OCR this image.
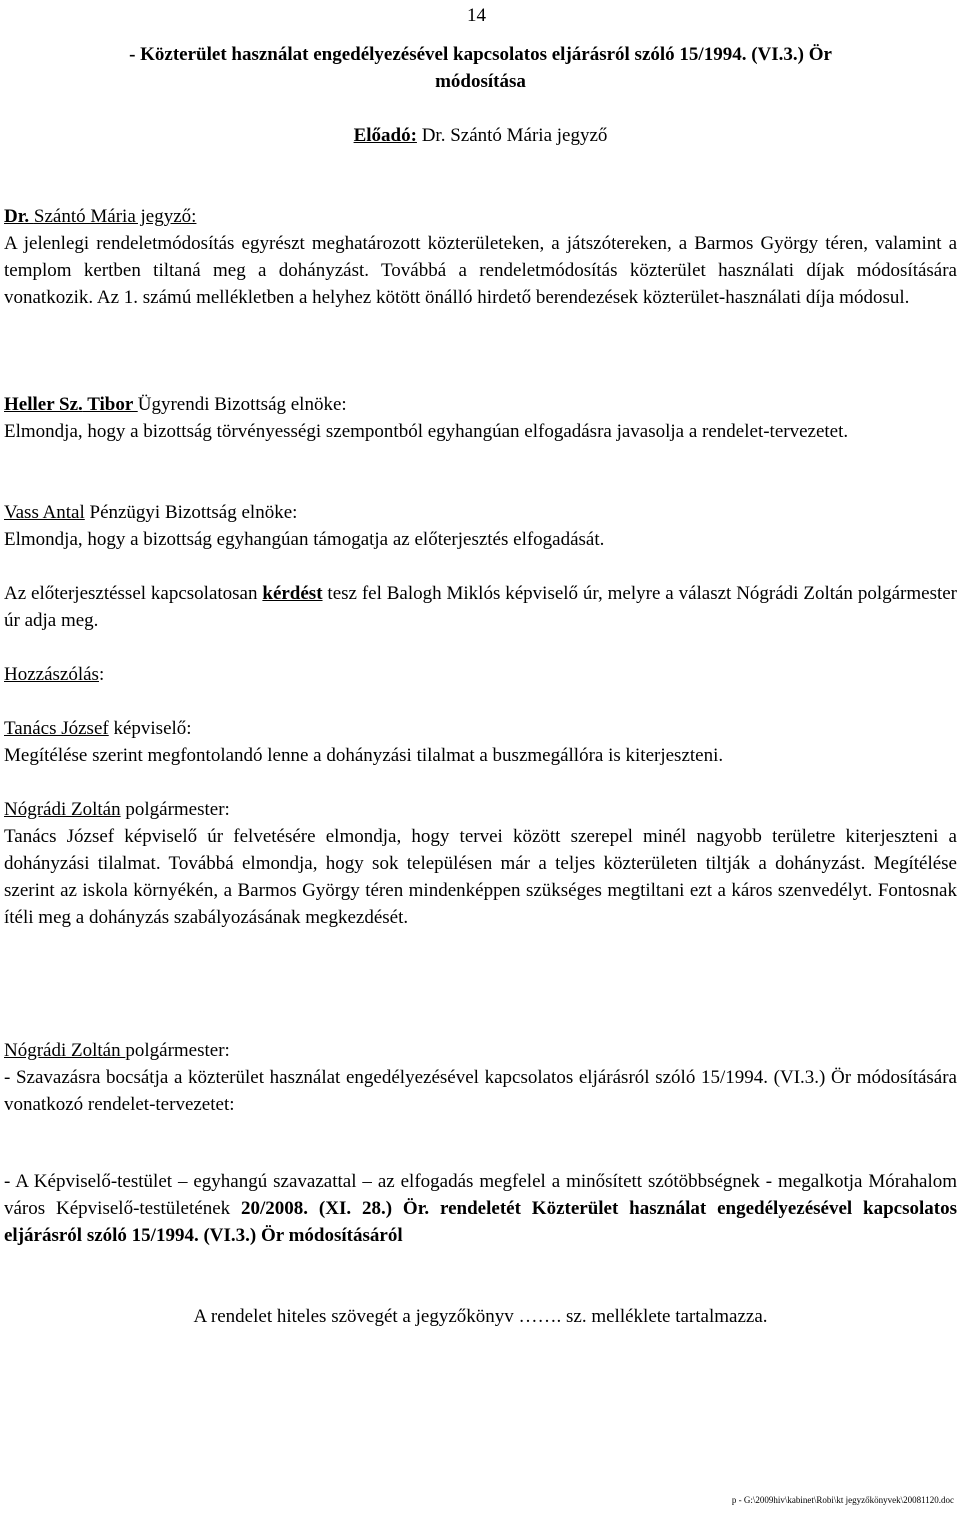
14

- Közterület használat engedélyezésével kapcsolatos eljárásról szóló 15/1994. (VI.3.) Ör

módosítása

Előadó: Dr. Szántó Mária jegyző

Dr. Szántó Mária jegyző:

A jelenlegi rendeletmódosítás egyrészt meghatározott közterületeken, a játszótereken, a Barmos György téren, valamint a templom kertben tiltaná meg a dohányzást. Továbbá a rendeletmódosítás közterület használati díjak módosítására vonatkozik. Az 1. számú mellékletben a helyhez kötött önálló hirdető berendezések közterület-használati díja módosul.

Heller Sz. Tibor Ügyrendi Bizottság elnöke:

Elmondja, hogy a bizottság törvényességi szempontból egyhangúan elfogadásra javasolja a rendelet-tervezetet.

Vass Antal Pénzügyi Bizottság elnöke:

Elmondja, hogy a bizottság egyhangúan támogatja az előterjesztés elfogadását.

Az előterjesztéssel kapcsolatosan kérdést tesz fel Balogh Miklós képviselő úr, melyre a választ Nógrádi Zoltán polgármester úr adja meg.

Hozzászólás:

Tanács József képviselő:

Megítélése szerint megfontolandó lenne a dohányzási tilalmat a buszmegállóra is kiterjeszteni.

Nógrádi Zoltán polgármester:

Tanács József képviselő úr felvetésére elmondja, hogy tervei között szerepel minél nagyobb területre kiterjeszteni a dohányzási tilalmat. Továbbá elmondja, hogy sok településen már a teljes közterületen tiltják a dohányzást. Megítélése szerint az iskola környékén, a Barmos György téren mindenképpen szükséges megtiltani ezt a káros szenvedélyt. Fontosnak ítéli meg a dohányzás szabályozásának megkezdését.

Nógrádi Zoltán polgármester:

- Szavazásra bocsátja a közterület használat engedélyezésével kapcsolatos eljárásról szóló 15/1994. (VI.3.) Ör módosítására vonatkozó rendelet-tervezetet:

- A Képviselő-testület – egyhangú szavazattal – az elfogadás megfelel a minősített szótöbbségnek - megalkotja Mórahalom város Képviselő-testületének 20/2008. (XI. 28.) Ör. rendeletét Közterület használat engedélyezésével kapcsolatos eljárásról szóló 15/1994. (VI.3.) Ör módosításáról

A rendelet hiteles szövegét a jegyzőkönyv ……. sz. melléklete tartalmazza.
p - G:\2009hiv\kabinet\Robi\kt jegyzőkönyvek\20081120.doc
